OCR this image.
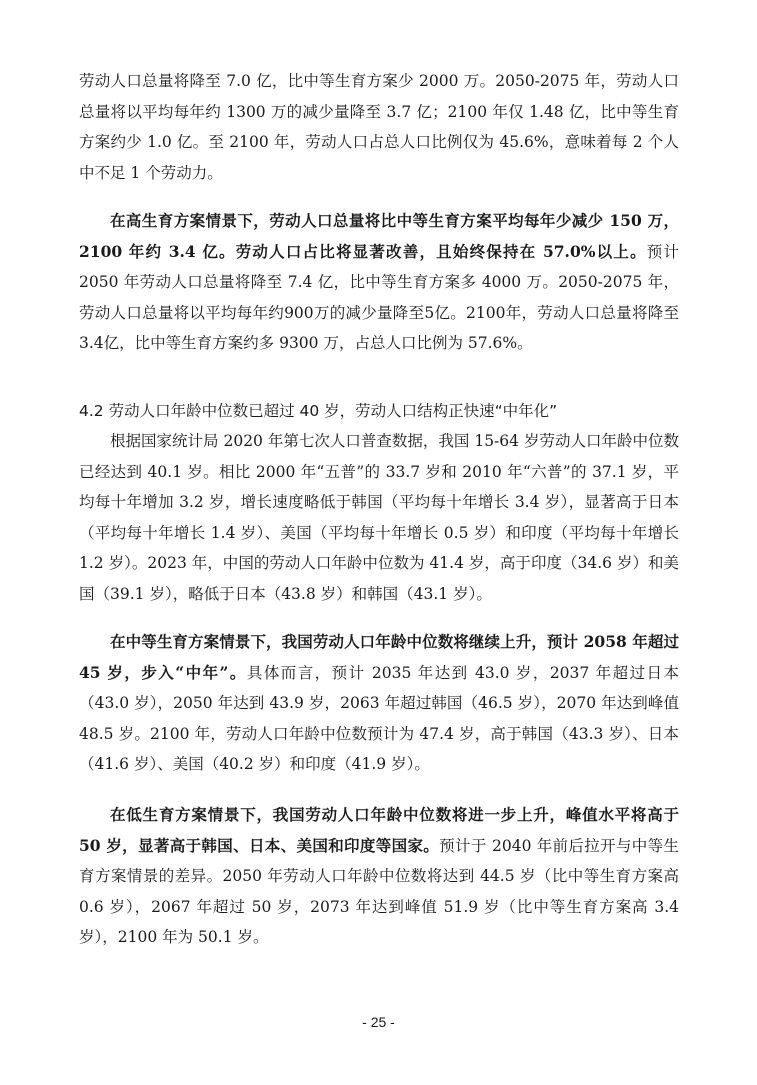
劳动人口总量将降至 7.0 亿，比中等生育方案少 2000 万。2050-2075 年，劳动人口总量将以平均每年约 1300 万的减少量降至 3.7 亿；2100 年仅 1.48 亿，比中等生育方案约少 1.0 亿。至 2100 年，劳动人口占总人口比例仅为 45.6%，意味着每 2 个人中不足 1 个劳动力。

在高生育方案情景下，劳动人口总量将比中等生育方案平均每年少减少 150 万，2100 年约 3.4 亿。劳动人口占比将显著改善，且始终保持在 57.0%以上。预计 2050 年劳动人口总量将降至 7.4 亿，比中等生育方案多 4000 万。2050-2075 年，劳动人口总量将以平均每年约900万的减少量降至5亿。2100年，劳动人口总量将降至3.4亿，比中等生育方案约多 9300 万，占总人口比例为 57.6%。

4.2 劳动人口年龄中位数已超过 40 岁，劳动人口结构正快速“中年化”

根据国家统计局 2020 年第七次人口普查数据，我国 15-64 岁劳动人口年龄中位数已经达到 40.1 岁。相比 2000 年“五普”的 33.7 岁和 2010 年“六普”的 37.1 岁，平均每十年增加 3.2 岁，增长速度略低于韩国（平均每十年增长 3.4 岁），显著高于日本（平均每十年增长 1.4 岁）、美国（平均每十年增长 0.5 岁）和印度（平均每十年增长 1.2 岁）。2023 年，中国的劳动人口年龄中位数为 41.4 岁，高于印度（34.6 岁）和美国（39.1 岁），略低于日本（43.8 岁）和韩国（43.1 岁）。

在中等生育方案情景下，我国劳动人口年龄中位数将继续上升，预计 2058 年超过 45 岁，步入“中年”。具体而言，预计 2035 年达到 43.0 岁，2037 年超过日本（43.0 岁），2050 年达到 43.9 岁，2063 年超过韩国（46.5 岁），2070 年达到峰值 48.5 岁。2100 年，劳动人口年龄中位数预计为 47.4 岁，高于韩国（43.3 岁）、日本（41.6 岁）、美国（40.2 岁）和印度（41.9 岁）。

在低生育方案情景下，我国劳动人口年龄中位数将进一步上升，峰值水平将高于 50 岁，显著高于韩国、日本、美国和印度等国家。预计于 2040 年前后拉开与中等生育方案情景的差异。2050 年劳动人口年龄中位数将达到 44.5 岁（比中等生育方案高 0.6 岁），2067 年超过 50 岁，2073 年达到峰值 51.9 岁（比中等生育方案高 3.4 岁），2100 年为 50.1 岁。

- 25 -
